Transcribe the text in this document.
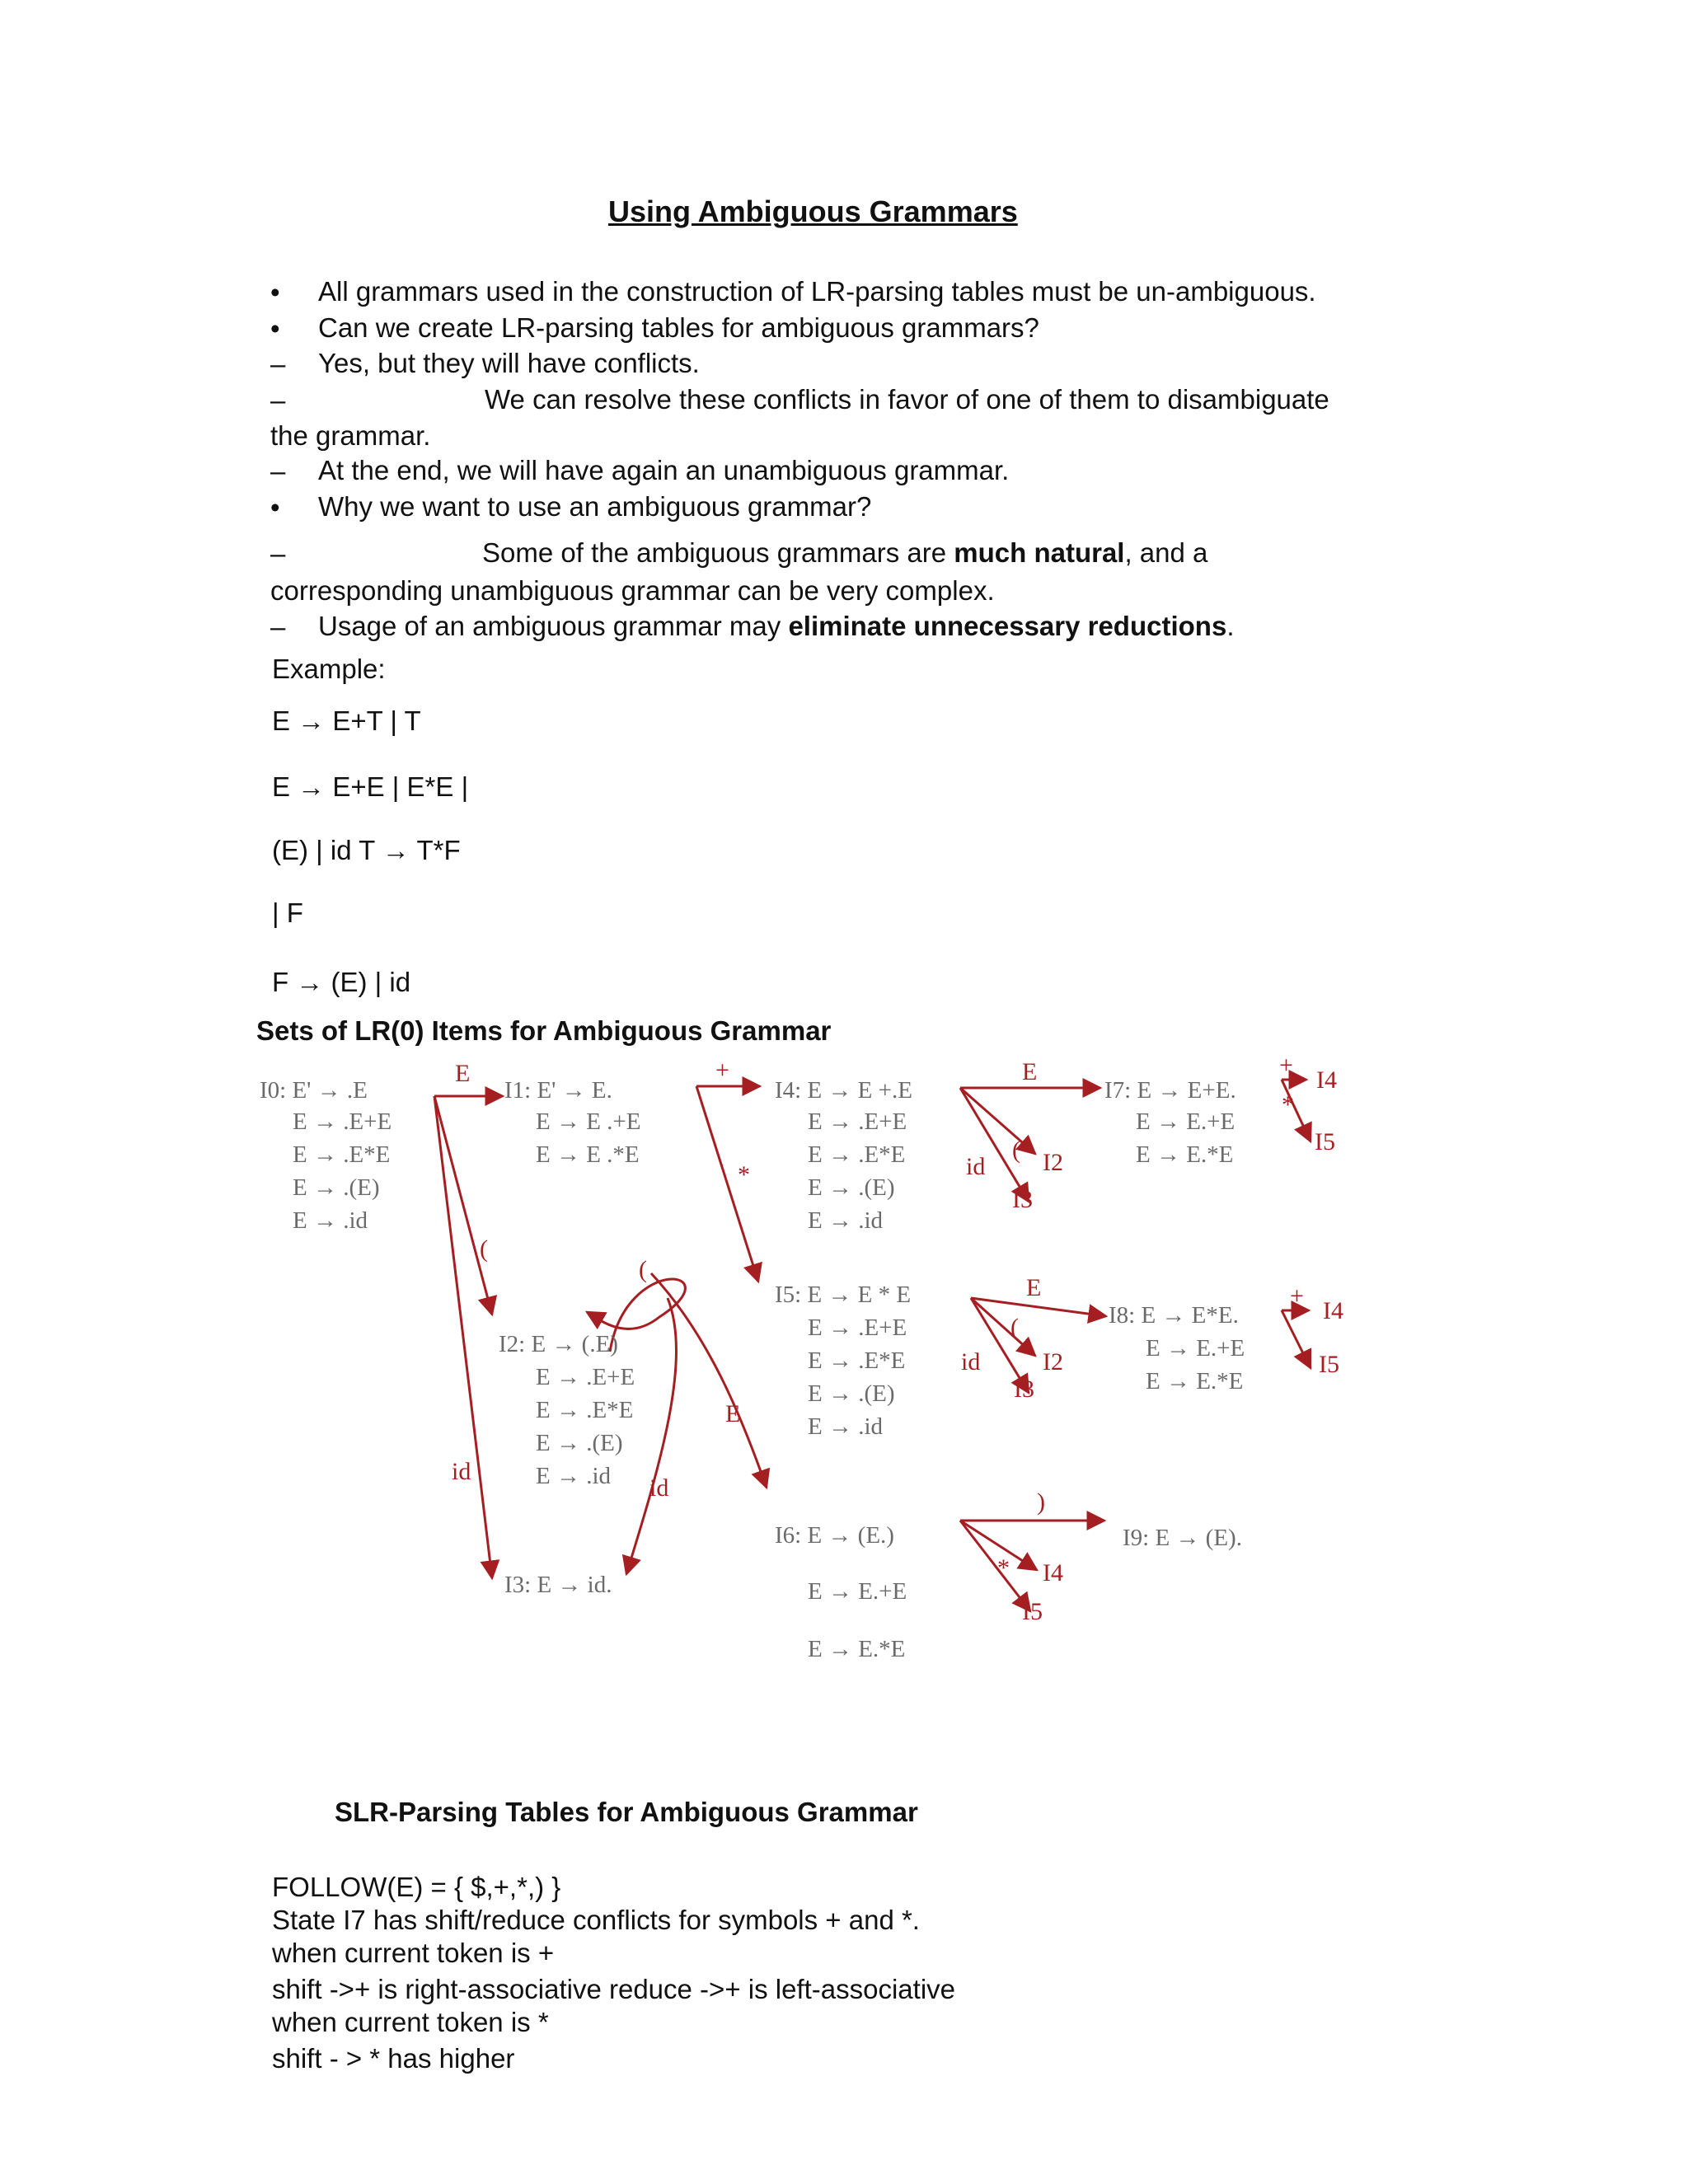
Using Ambiguous Grammars
• All grammars used in the construction of LR-parsing tables must be un-ambiguous.
• Can we create LR-parsing tables for ambiguous grammars?
– Yes, but they will have conflicts.
–	We can resolve these conflicts in favor of one of them to disambiguate
the grammar.
– At the end, we will have again an unambiguous grammar.
• Why we want to use an ambiguous grammar?
–	Some of the ambiguous grammars are much natural, and a
corresponding unambiguous grammar can be very complex.
– Usage of an ambiguous grammar may eliminate unnecessary reductions.
Example:
E → E+T | T
E → E+E | E*E |
(E) | id T → T*F
| F
F → (E) | id
Sets of LR(0) Items for Ambiguous Grammar
E
(
id
(
id
E
+
*
E
(
id I2
I3
E
(
id	I2
I3
)
* I4
I5
+
I4
*
I5
+
I4
I5
I0: E' → .E
E → .E+E
E → .E*E
E → .(E)
E → .id
I1: E' → E.
E → E .+E
E → E .*E
I2: E → (.E)
E → .E+E
E → .E*E
E → .(E)
E → .id
I3: E → id.
I4: E → E +.E
E → .E+E
E → .E*E
E → .(E)
E → .id
I5: E → E * E
E → .E+E
E → .E*E
E → .(E)
E → .id
I6: E → (E.)
E → E.+E
E → E.*E
I7: E → E+E.
E → E.+E
E → E.*E
I8: E → E*E.
E → E.+E
E → E.*E
I9: E → (E).
SLR-Parsing Tables for Ambiguous Grammar
FOLLOW(E) = { $,+,*,) }
State I7 has shift/reduce conflicts for symbols + and *.
when current token is +
shift ->+ is right-associative reduce ->+ is left-associative
when current token is *
shift - > * has higher
